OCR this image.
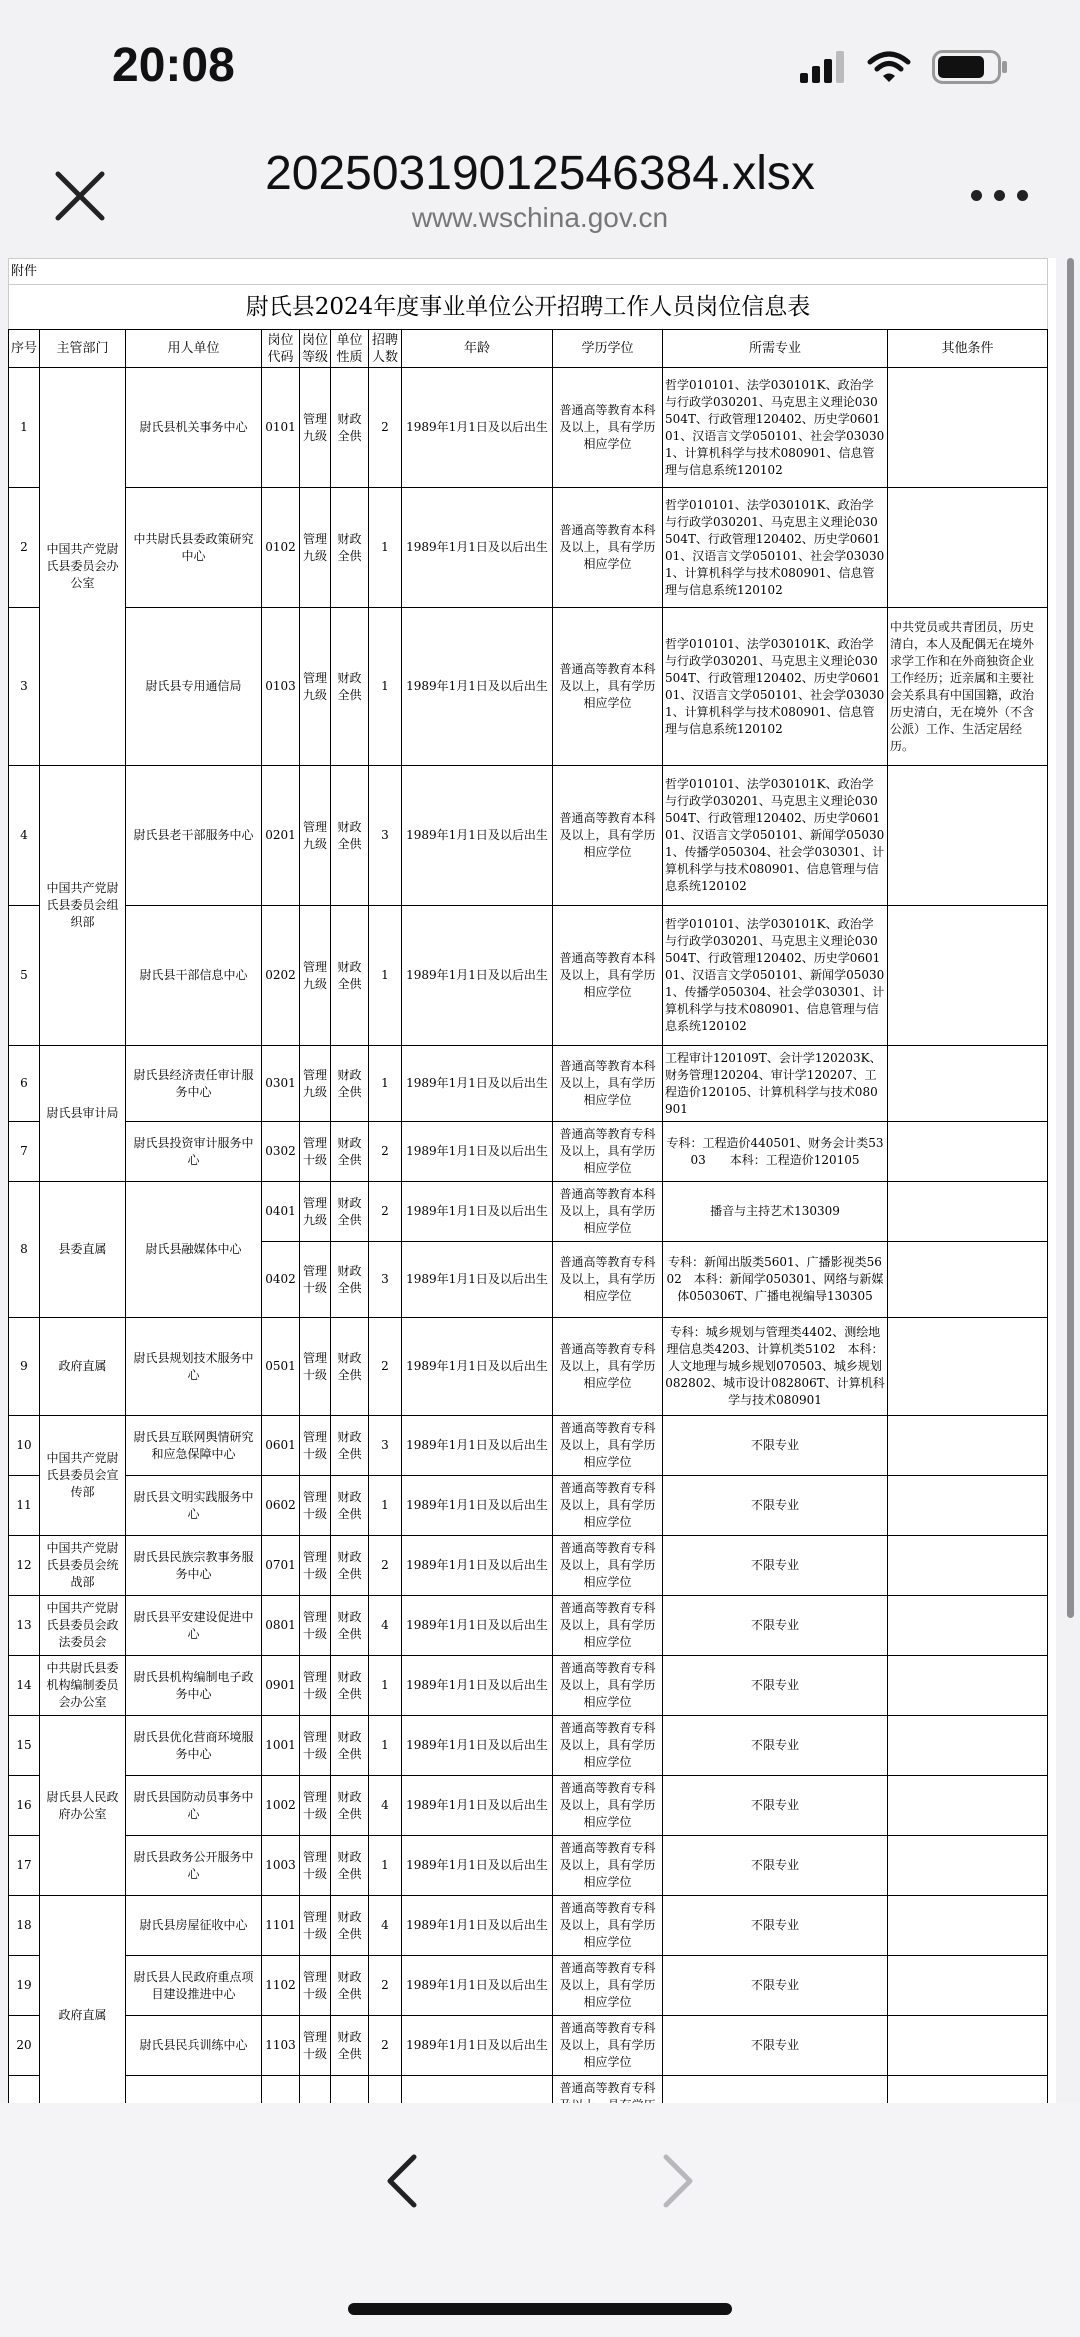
20:08
20250319012546384.xlsx
www.wschina.gov.cn
附件										
尉氏县2024年度事业单位公开招聘工作人员岗位信息表										
序号	主管部门	用人单位	岗位代码	岗位等级	单位性质	招聘人数	年龄	学历学位	所需专业	其他条件
1	中国共产党尉氏县委员会办公室	尉氏县机关事务中心	0101	管理九级	财政全供	2	1989年1月1日及以后出生	普通高等教育本科及以上，具有学历相应学位	哲学010101、法学030101K、政治学与行政学030201、马克思主义理论030504T、行政管理120402、历史学060101、汉语言文学050101、社会学030301、计算机科学与技术080901、信息管理与信息系统120102	
2		中共尉氏县委政策研究中心	0102	管理九级	财政全供	1	1989年1月1日及以后出生	普通高等教育本科及以上，具有学历相应学位	哲学010101、法学030101K、政治学与行政学030201、马克思主义理论030504T、行政管理120402、历史学060101、汉语言文学050101、社会学030301、计算机科学与技术080901、信息管理与信息系统120102	
3		尉氏县专用通信局	0103	管理九级	财政全供	1	1989年1月1日及以后出生	普通高等教育本科及以上，具有学历相应学位	哲学010101、法学030101K、政治学与行政学030201、马克思主义理论030504T、行政管理120402、历史学060101、汉语言文学050101、社会学030301、计算机科学与技术080901、信息管理与信息系统120102	中共党员或共青团员，历史清白，本人及配偶无在境外求学工作和在外商独资企业工作经历；近亲属和主要社会关系具有中国国籍，政治历史清白，无在境外（不含公派）工作、生活定居经历。
4	中国共产党尉氏县委员会组织部	尉氏县老干部服务中心	0201	管理九级	财政全供	3	1989年1月1日及以后出生	普通高等教育本科及以上，具有学历相应学位	哲学010101、法学030101K、政治学与行政学030201、马克思主义理论030504T、行政管理120402、历史学060101、汉语言文学050101、新闻学050301、传播学050304、社会学030301、计算机科学与技术080901、信息管理与信息系统120102	
5		尉氏县干部信息中心	0202	管理九级	财政全供	1	1989年1月1日及以后出生	普通高等教育本科及以上，具有学历相应学位	哲学010101、法学030101K、政治学与行政学030201、马克思主义理论030504T、行政管理120402、历史学060101、汉语言文学050101、新闻学050301、传播学050304、社会学030301、计算机科学与技术080901、信息管理与信息系统120102	
6	尉氏县审计局	尉氏县经济责任审计服务中心	0301	管理九级	财政全供	1	1989年1月1日及以后出生	普通高等教育本科及以上，具有学历相应学位	工程审计120109T、会计学120203K、财务管理120204、审计学120207、工程造价120105、计算机科学与技术080901	
7		尉氏县投资审计服务中心	0302	管理十级	财政全供	2	1989年1月1日及以后出生	普通高等教育专科及以上，具有学历相应学位	专科：工程造价440501、财务会计类5303　　本科：工程造价120105	
8	县委直属	尉氏县融媒体中心	0401	管理九级	财政全供	2	1989年1月1日及以后出生	普通高等教育本科及以上，具有学历相应学位	播音与主持艺术130309	
			0402	管理十级	财政全供	3	1989年1月1日及以后出生	普通高等教育专科及以上，具有学历相应学位	专科：新闻出版类5601、广播影视类5602　本科：新闻学050301、网络与新媒体050306T、广播电视编导130305	
9	政府直属	尉氏县规划技术服务中心	0501	管理十级	财政全供	2	1989年1月1日及以后出生	普通高等教育专科及以上，具有学历相应学位	专科：城乡规划与管理类4402、测绘地理信息类4203、计算机类5102　本科：人文地理与城乡规划070503、城乡规划082802、城市设计082806T、计算机科学与技术080901	
10	中国共产党尉氏县委员会宣传部	尉氏县互联网舆情研究和应急保障中心	0601	管理十级	财政全供	3	1989年1月1日及以后出生	普通高等教育专科及以上，具有学历相应学位	不限专业	
11		尉氏县文明实践服务中心	0602	管理十级	财政全供	1	1989年1月1日及以后出生	普通高等教育专科及以上，具有学历相应学位	不限专业	
12	中国共产党尉氏县委员会统战部	尉氏县民族宗教事务服务中心	0701	管理十级	财政全供	2	1989年1月1日及以后出生	普通高等教育专科及以上，具有学历相应学位	不限专业	
13	中国共产党尉氏县委员会政法委员会	尉氏县平安建设促进中心	0801	管理十级	财政全供	4	1989年1月1日及以后出生	普通高等教育专科及以上，具有学历相应学位	不限专业	
14	中共尉氏县委机构编制委员会办公室	尉氏县机构编制电子政务中心	0901	管理十级	财政全供	1	1989年1月1日及以后出生	普通高等教育专科及以上，具有学历相应学位	不限专业	
15	尉氏县人民政府办公室	尉氏县优化营商环境服务中心	1001	管理十级	财政全供	1	1989年1月1日及以后出生	普通高等教育专科及以上，具有学历相应学位	不限专业	
16		尉氏县国防动员事务中心	1002	管理十级	财政全供	4	1989年1月1日及以后出生	普通高等教育专科及以上，具有学历相应学位	不限专业	
17		尉氏县政务公开服务中心	1003	管理十级	财政全供	1	1989年1月1日及以后出生	普通高等教育专科及以上，具有学历相应学位	不限专业	
18	政府直属	尉氏县房屋征收中心	1101	管理十级	财政全供	4	1989年1月1日及以后出生	普通高等教育专科及以上，具有学历相应学位	不限专业	
19		尉氏县人民政府重点项目建设推进中心	1102	管理十级	财政全供	2	1989年1月1日及以后出生	普通高等教育专科及以上，具有学历相应学位	不限专业	
20		尉氏县民兵训练中心	1103	管理十级	财政全供	2	1989年1月1日及以后出生	普通高等教育专科及以上，具有学历相应学位	不限专业	
								普通高等教育专科		
